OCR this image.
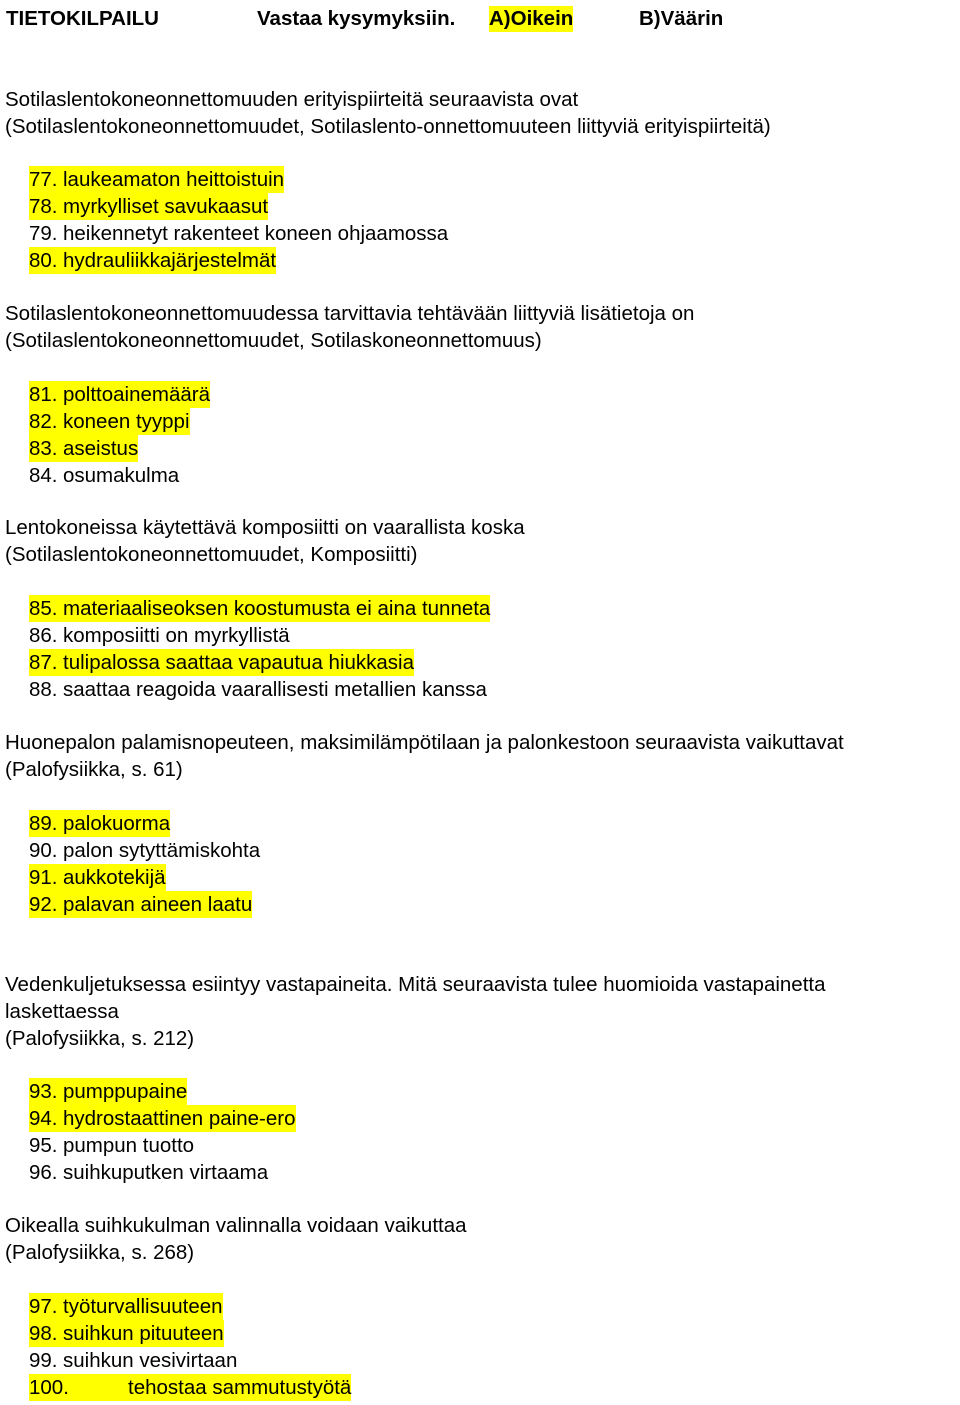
TIETOKILPAILU	Vastaa kysymyksiin. A)Oikein	B)Väärin
Sotilaslentokoneonnettomuuden erityispiirteitä seuraavista ovat
(Sotilaslentokoneonnettomuudet, Sotilaslento-onnettomuuteen liittyviä erityispiirteitä)
77. laukeamaton heittoistuin
78. myrkylliset savukaasut
79. heikennetyt rakenteet koneen ohjaamossa
80. hydrauliikkajärjestelmät
Sotilaslentokoneonnettomuudessa tarvittavia tehtävään liittyviä lisätietoja on
(Sotilaslentokoneonnettomuudet, Sotilaskoneonnettomuus)
81. polttoainemäärä
82. koneen tyyppi
83. aseistus
84. osumakulma
Lentokoneissa käytettävä komposiitti on vaarallista koska
(Sotilaslentokoneonnettomuudet, Komposiitti)
85. materiaaliseoksen koostumusta ei aina tunneta
86. komposiitti on myrkyllistä
87. tulipalossa saattaa vapautua hiukkasia
88. saattaa reagoida vaarallisesti metallien kanssa
Huonepalon palamisnopeuteen, maksimilämpötilaan ja palonkestoon seuraavista vaikuttavat
(Palofysiikka, s. 61)
89. palokuorma
90. palon sytyttämiskohta
91. aukkotekijä
92. palavan aineen laatu
Vedenkuljetuksessa esiintyy vastapaineita. Mitä seuraavista tulee huomioida vastapainetta
laskettaessa
(Palofysiikka, s. 212)
93. pumppupaine
94. hydrostaattinen paine-ero
95. pumpun tuotto
96. suihkuputken virtaama
Oikealla suihkukulman valinnalla voidaan vaikuttaa
(Palofysiikka, s. 268)
97. työturvallisuuteen
98. suihkun pituuteen
99. suihkun vesivirtaan
100.	tehostaa sammutustyötä
